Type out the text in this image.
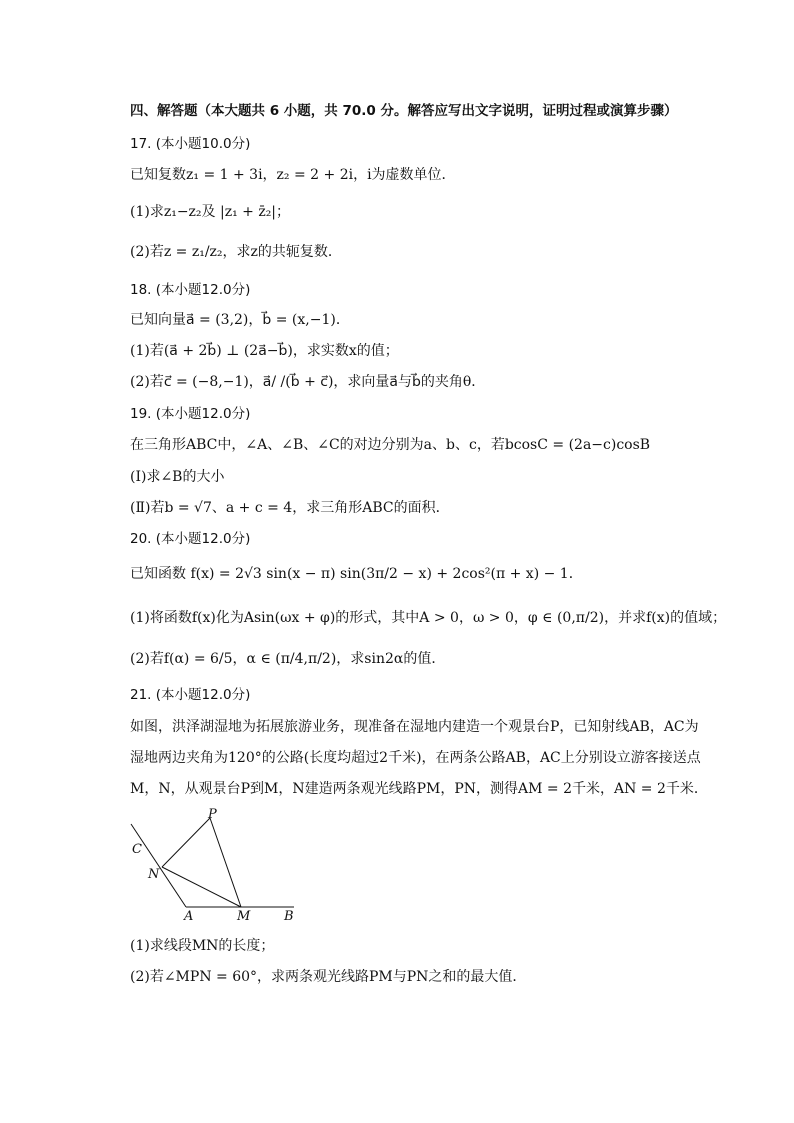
四、解答题（本大题共 6 小题，共 70.0 分。解答应写出文字说明，证明过程或演算步骤）
17. (本小题10.0分)
已知复数z₁ = 1 + 3i，z₂ = 2 + 2i，i为虚数单位．
(1)求z₁−z₂及 |z₁ + z̄₂|；
(2)若z = z₁/z₂，求z的共轭复数．
18. (本小题12.0分)
已知向量a⃗ = (3,2)，b⃗ = (x,−1)．
(1)若(a⃗ + 2b⃗) ⊥ (2a⃗−b⃗)，求实数x的值；
(2)若c⃗ = (−8,−1)，a⃗/ /(b⃗ + c⃗)，求向量a⃗与b⃗的夹角θ．
19. (本小题12.0分)
在三角形ABC中，∠A、∠B、∠C的对边分别为a、b、c，若bcosC = (2a−c)cosB
(Ⅰ)求∠B的大小
(Ⅱ)若b = √7、a + c = 4，求三角形ABC的面积．
20. (本小题12.0分)
已知函数 f(x) = 2√3 sin(x − π) sin(3π/2 − x) + 2cos²(π + x) − 1．
(1)将函数f(x)化为Asin(ωx + φ)的形式，其中A > 0，ω > 0，φ ∈ (0,π/2)，并求f(x)的值域；
(2)若f(α) = 6/5，α ∈ (π/4,π/2)，求sin2α的值．
21. (本小题12.0分)
如图，洪泽湖湿地为拓展旅游业务，现准备在湿地内建造一个观景台P，已知射线AB，AC为
湿地两边夹角为120°的公路(长度均超过2千米)，在两条公路AB，AC上分别设立游客接送点
M，N，从观景台P到M，N建造两条观光线路PM，PN，测得AM = 2千米，AN = 2千米．
P
C
N
A	M	B
(1)求线段MN的长度；
(2)若∠MPN = 60°，求两条观光线路PM与PN之和的最大值．
